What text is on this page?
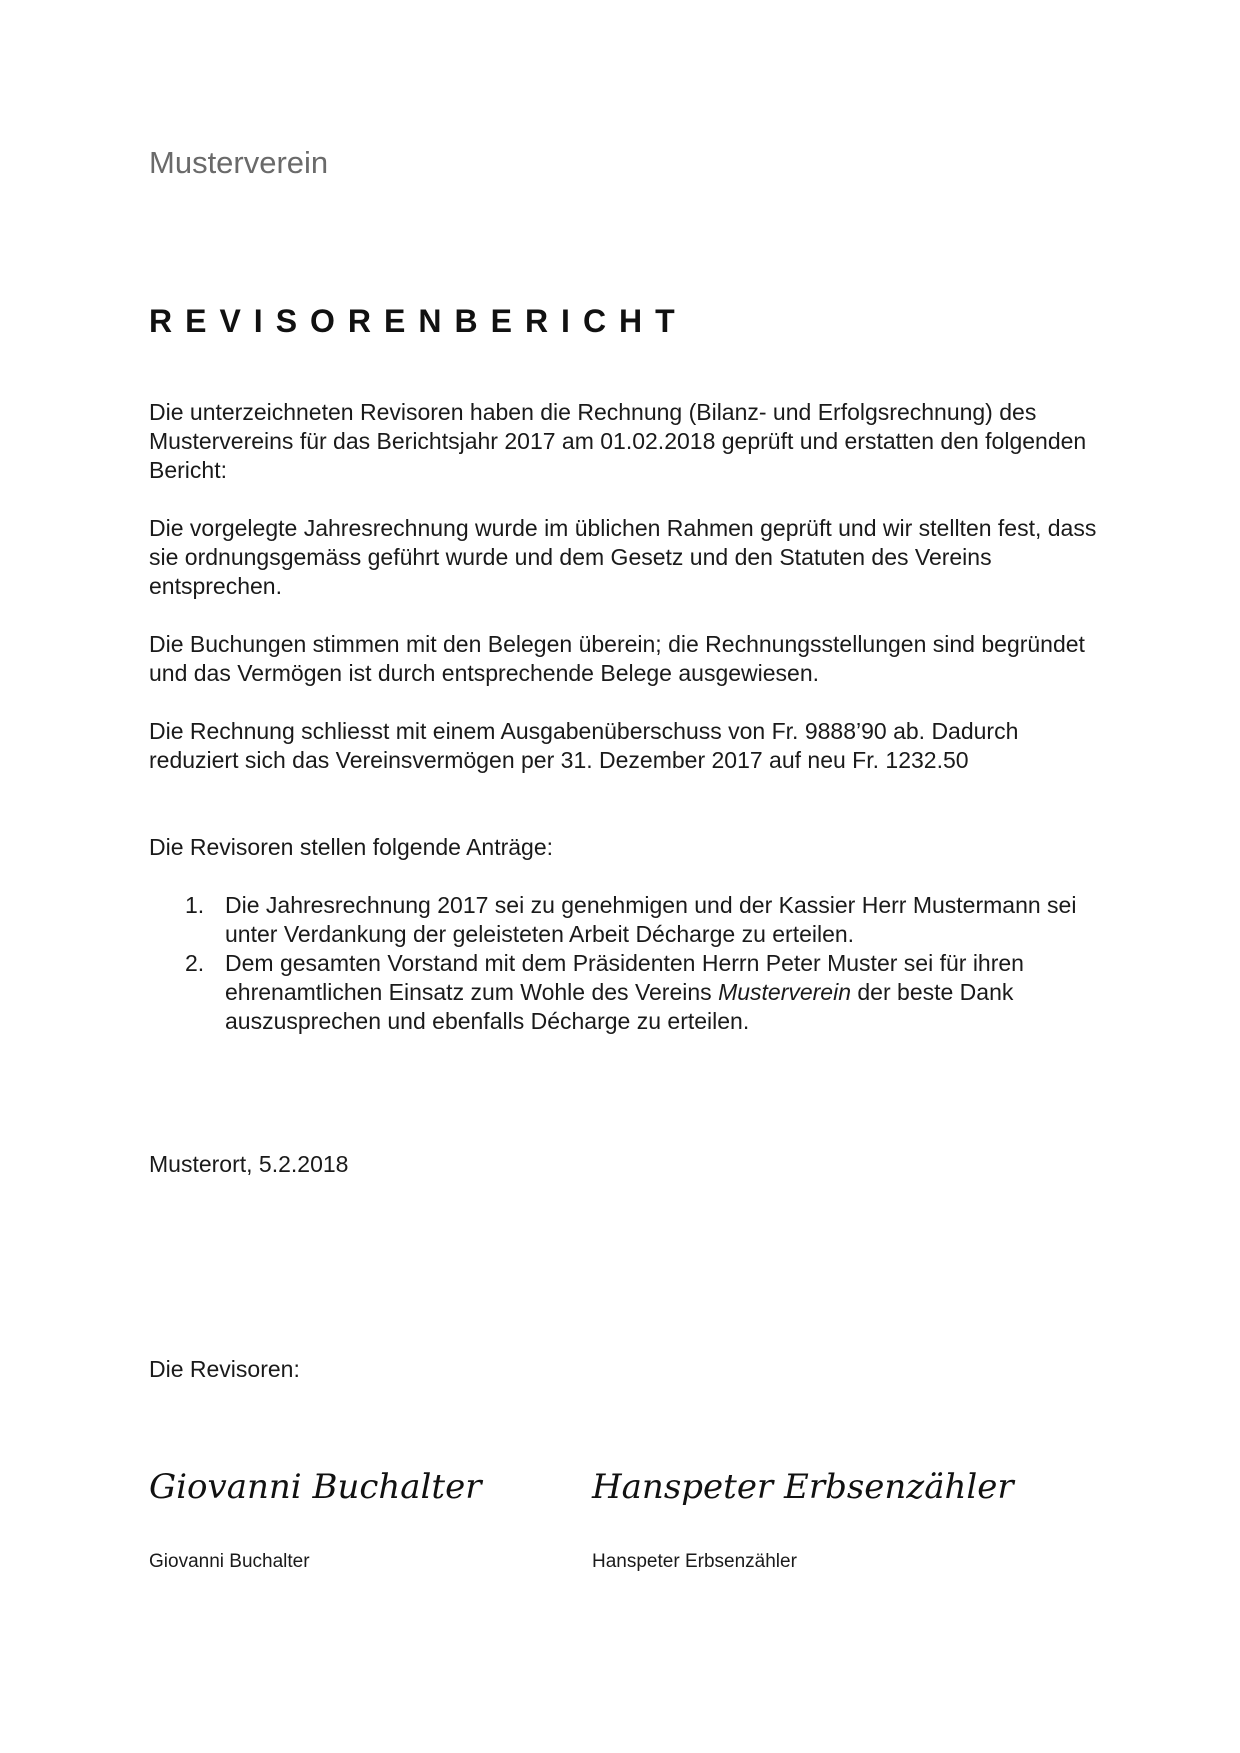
Musterverein
REVISORENBERICHT

Die unterzeichneten Revisoren haben die Rechnung (Bilanz- und Erfolgsrechnung) des Mustervereins für das Berichtsjahr 2017 am 01.02.2018 geprüft und erstatten den folgenden Bericht:

Die vorgelegte Jahresrechnung wurde im üblichen Rahmen geprüft und wir stellten fest, dass sie ordnungsgemäss geführt wurde und dem Gesetz und den Statuten des Vereins entsprechen.

Die Buchungen stimmen mit den Belegen überein; die Rechnungsstellungen sind begründet und das Vermögen ist durch entsprechende Belege ausgewiesen.

Die Rechnung schliesst mit einem Ausgabenüberschuss von Fr. 9888’90 ab. Dadurch reduziert sich das Vereinsvermögen per 31. Dezember 2017 auf neu Fr. 1232.50

Die Revisoren stellen folgende Anträge:

1. Die Jahresrechnung 2017 sei zu genehmigen und der Kassier Herr Mustermann sei unter Verdankung der geleisteten Arbeit Décharge zu erteilen.
2. Dem gesamten Vorstand mit dem Präsidenten Herrn Peter Muster sei für ihren ehrenamtlichen Einsatz zum Wohle des Vereins Musterverein der beste Dank auszusprechen und ebenfalls Décharge zu erteilen.
Musterort, 5.2.2018
Die Revisoren:
Giovanni Buchalter
Giovanni Buchalter
Hanspeter Erbsenzähler
Hanspeter Erbsenzähler
